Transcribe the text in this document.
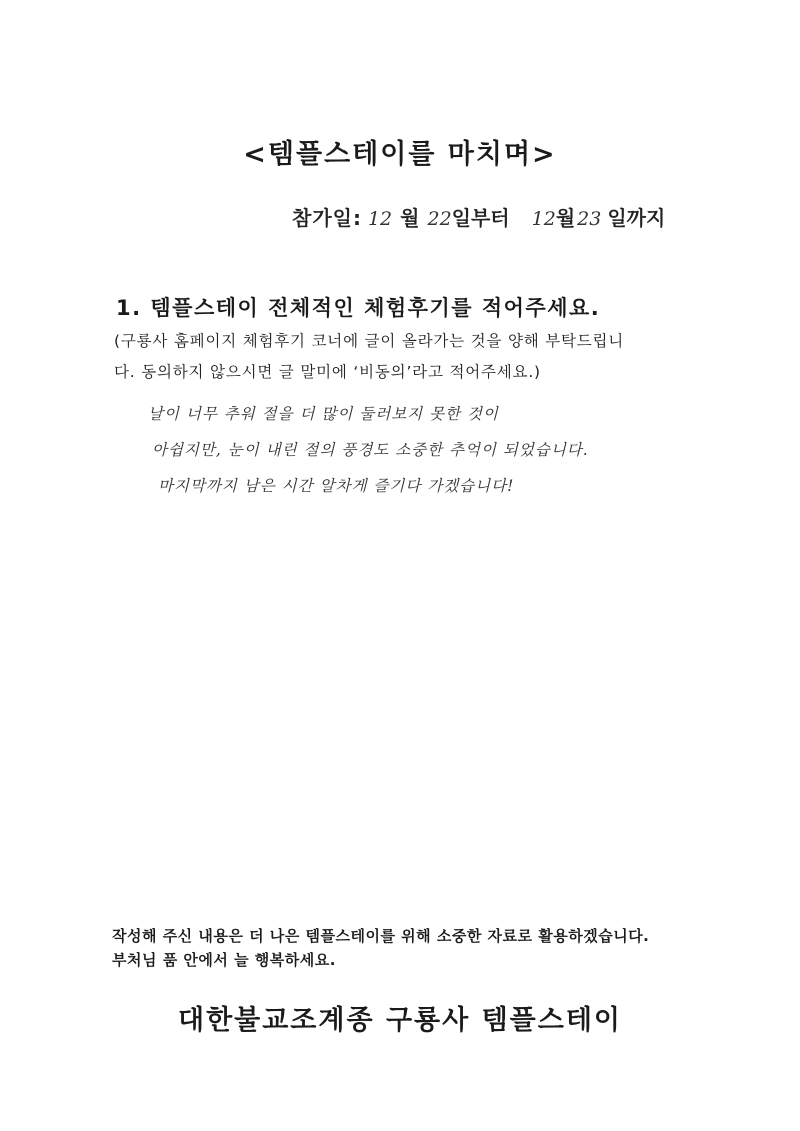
<템플스테이를 마치며>
참가일: 12 월 22일부터 12월 23 일까지
1. 템플스테이 전체적인 체험후기를 적어주세요.
(구룡사 홈페이지 체험후기 코너에 글이 올라가는 것을 양해 부탁드립니
다. 동의하지 않으시면 글 말미에 ‘비동의’라고 적어주세요.)
날이 너무 추워 절을 더 많이 둘러보지 못한 것이
아쉽지만, 눈이 내린 절의 풍경도 소중한 추억이 되었습니다.
마지막까지 남은 시간 알차게 즐기다 가겠습니다!
작성해 주신 내용은 더 나은 템플스테이를 위해 소중한 자료로 활용하겠습니다.
부처님 품 안에서 늘 행복하세요.
대한불교조계종 구룡사 템플스테이
